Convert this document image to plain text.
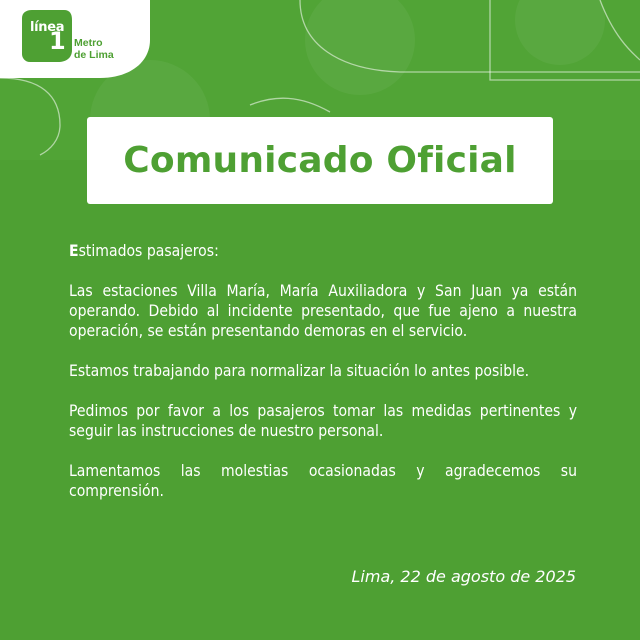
línea
1 Metro
de Lima
Comunicado Oficial
Estimados pasajeros:

Las estaciones Villa María, María Auxiliadora y San Juan ya están operando. Debido al incidente presentado, que fue ajeno a nuestra operación, se están presentando demoras en el servicio.

Estamos trabajando para normalizar la situación lo antes posible.

Pedimos por favor a los pasajeros tomar las medidas pertinentes y seguir las instrucciones de nuestro personal.

Lamentamos las molestias ocasionadas y agradecemos su comprensión.

Lima, 22 de agosto de 2025
